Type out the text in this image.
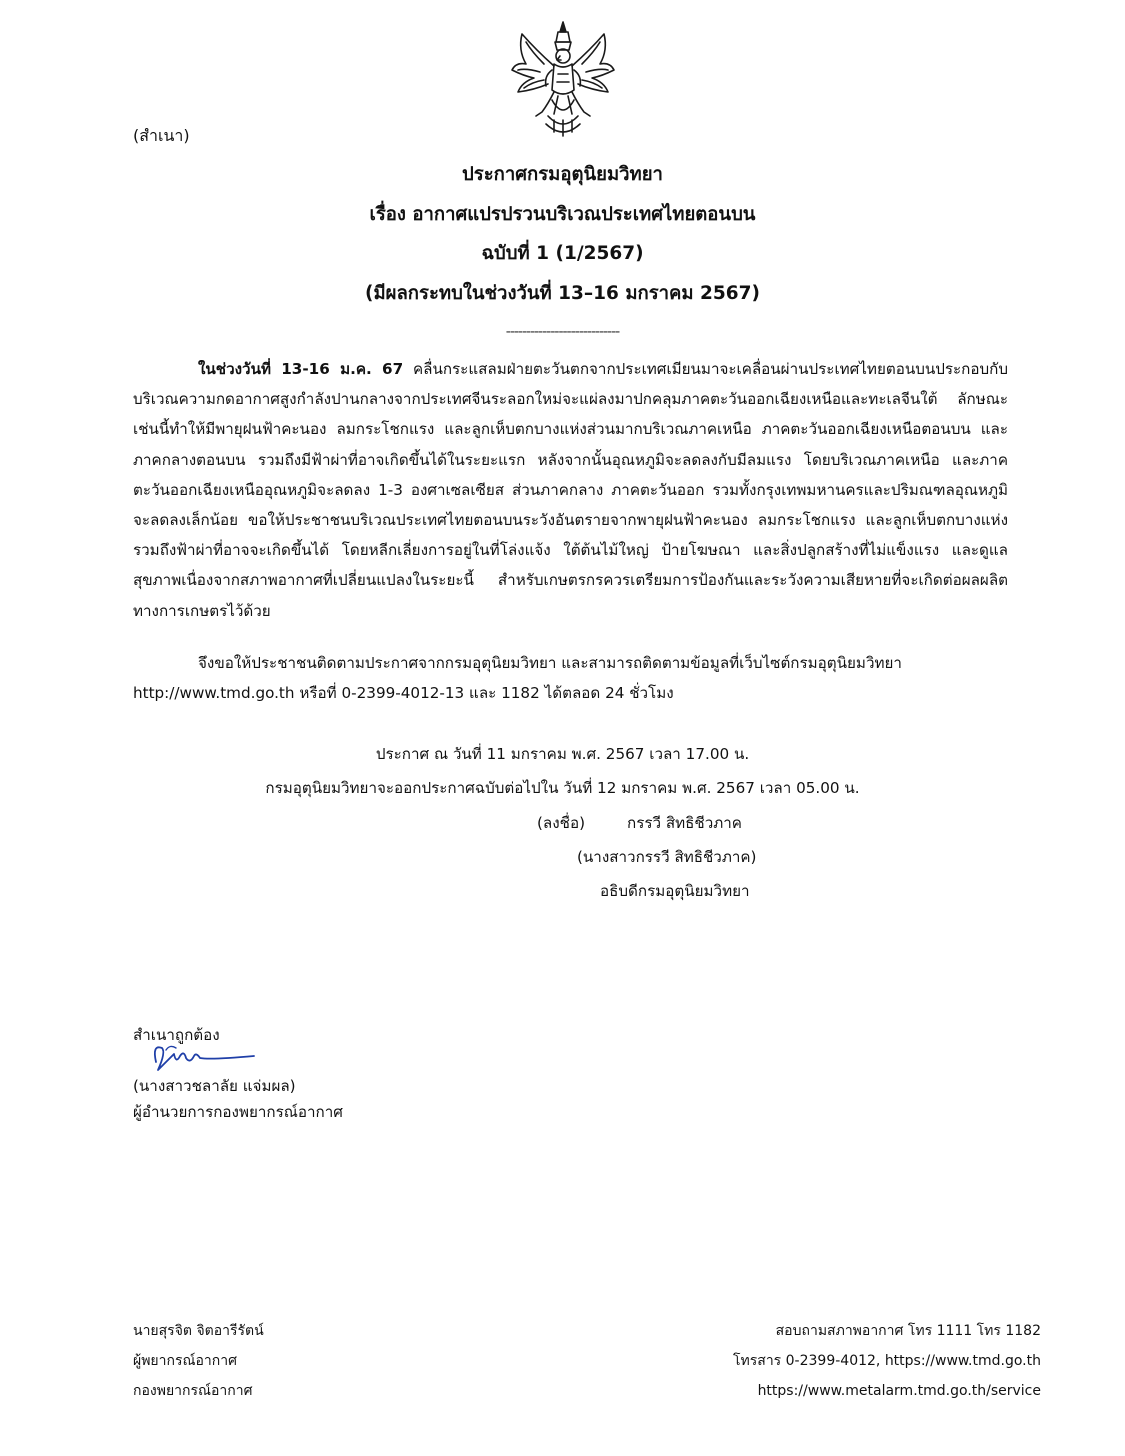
(สำเนา)
ประกาศกรมอุตุนิยมวิทยา
เรื่อง อากาศแปรปรวนบริเวณประเทศไทยตอนบน
ฉบับที่ 1 (1/2567)
(มีผลกระทบในช่วงวันที่ 13–16 มกราคม 2567)
----------------------------
ในช่วงวันที่ 13-16 ม.ค. 67 คลื่นกระแสลมฝ่ายตะวันตกจากประเทศเมียนมาจะเคลื่อนผ่านประเทศไทยตอนบนประกอบกับบริเวณความกดอากาศสูงกำลังปานกลางจากประเทศจีนระลอกใหม่จะแผ่ลงมาปกคลุมภาคตะวันออกเฉียงเหนือและทะเลจีนใต้ ลักษณะเช่นนี้ทำให้มีพายุฝนฟ้าคะนอง ลมกระโชกแรง และลูกเห็บตกบางแห่งส่วนมากบริเวณภาคเหนือ ภาคตะวันออกเฉียงเหนือตอนบน และภาคกลางตอนบน รวมถึงมีฟ้าผ่าที่อาจเกิดขึ้นได้ในระยะแรก หลังจากนั้นอุณหภูมิจะลดลงกับมีลมแรง โดยบริเวณภาคเหนือ และภาคตะวันออกเฉียงเหนืออุณหภูมิจะลดลง 1-3 องศาเซลเซียส ส่วนภาคกลาง ภาคตะวันออก รวมทั้งกรุงเทพมหานครและปริมณฑลอุณหภูมิจะลดลงเล็กน้อย ขอให้ประชาชนบริเวณประเทศไทยตอนบนระวังอันตรายจากพายุฝนฟ้าคะนอง ลมกระโชกแรง และลูกเห็บตกบางแห่ง รวมถึงฟ้าผ่าที่อาจจะเกิดขึ้นได้ โดยหลีกเลี่ยงการอยู่ในที่โล่งแจ้ง ใต้ต้นไม้ใหญ่ ป้ายโฆษณา และสิ่งปลูกสร้างที่ไม่แข็งแรง และดูแลสุขภาพเนื่องจากสภาพอากาศที่เปลี่ยนแปลงในระยะนี้ สำหรับเกษตรกรควรเตรียมการป้องกันและระวังความเสียหายที่จะเกิดต่อผลผลิตทางการเกษตรไว้ด้วย
จึงขอให้ประชาชนติดตามประกาศจากกรมอุตุนิยมวิทยา และสามารถติดตามข้อมูลที่เว็บไซต์กรมอุตุนิยมวิทยา
http://www.tmd.go.th หรือที่ 0-2399-4012-13 และ 1182 ได้ตลอด 24 ชั่วโมง
ประกาศ ณ วันที่ 11 มกราคม พ.ศ. 2567 เวลา 17.00 น.
กรมอุตุนิยมวิทยาจะออกประกาศฉบับต่อไปใน วันที่ 12 มกราคม พ.ศ. 2567 เวลา 05.00 น.
(ลงชื่อ)	กรรวี สิทธิชีวภาค
(นางสาวกรรวี สิทธิชีวภาค)
อธิบดีกรมอุตุนิยมวิทยา
สำเนาถูกต้อง
(นางสาวชลาลัย แจ่มผล)
ผู้อำนวยการกองพยากรณ์อากาศ
นายสุรจิต จิตอารีรัตน์
ผู้พยากรณ์อากาศ
กองพยากรณ์อากาศ
สอบถามสภาพอากาศ โทร 1111 โทร 1182
โทรสาร 0-2399-4012, https://www.tmd.go.th
https://www.metalarm.tmd.go.th/service
